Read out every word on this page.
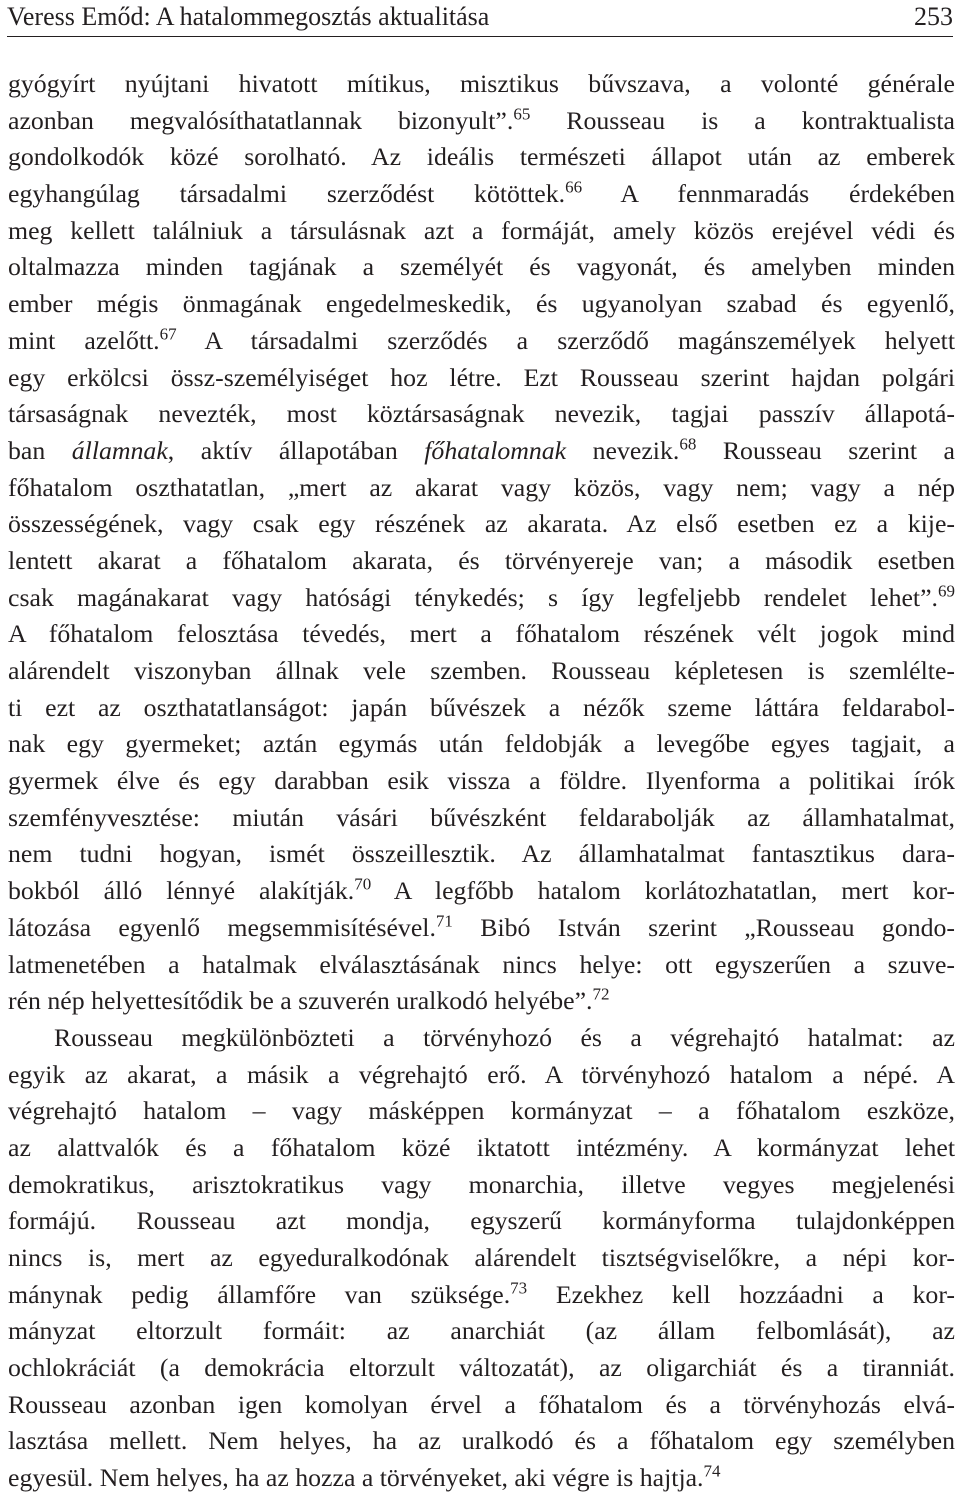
Veress Emőd: A hatalommegosztás aktualitása	253
gyógyírt nyújtani hivatott mítikus, misztikus bűvszava, a volonté générale
azonban megvalósíthatatlannak bizonyult”.$^{65}$ Rousseau is a kontraktualista
gondolkodók közé sorolható. Az ideális természeti állapot után az emberek
egyhangúlag társadalmi szerződést kötöttek.$^{66}$ A fennmaradás érdekében
meg kellett találniuk a társulásnak azt a formáját, amely közös erejével védi és
oltalmazza minden tagjának a személyét és vagyonát, és amelyben minden
ember mégis önmagának engedelmeskedik, és ugyanolyan szabad és egyenlő,
mint azelőtt.$^{67}$ A társadalmi szerződés a szerződő magánszemélyek helyett
egy erkölcsi össz-személyiséget hoz létre. Ezt Rousseau szerint hajdan polgári
társaságnak nevezték, most köztársaságnak nevezik, tagjai passzív állapotá-
ban államnak, aktív állapotában főhatalomnak nevezik.$^{68}$ Rousseau szerint a
főhatalom oszthatatlan, „mert az akarat vagy közös, vagy nem; vagy a nép
összességének, vagy csak egy részének az akarata. Az első esetben ez a kije-
lentett akarat a főhatalom akarata, és törvényereje van; a második esetben
csak magánakarat vagy hatósági ténykedés; s így legfeljebb rendelet lehet”.$^{69}$
A főhatalom felosztása tévedés, mert a főhatalom részének vélt jogok mind
alárendelt viszonyban állnak vele szemben. Rousseau képletesen is szemlélte-
ti ezt az oszthatatlanságot: japán bűvészek a nézők szeme láttára feldarabol-
nak egy gyermeket; aztán egymás után feldobják a levegőbe egyes tagjait, a
gyermek élve és egy darabban esik vissza a földre. Ilyenforma a politikai írók
szemfényvesztése: miután vásári bűvészként feldarabolják az államhatalmat,
nem tudni hogyan, ismét összeillesztik. Az államhatalmat fantasztikus dara-
bokból álló lénnyé alakítják.$^{70}$ A legfőbb hatalom korlátozhatatlan, mert kor-
látozása egyenlő megsemmisítésével.$^{71}$ Bibó István szerint „Rousseau gondo-
latmenetében a hatalmak elválasztásának nincs helye: ott egyszerűen a szuve-
rén nép helyettesítődik be a szuverén uralkodó helyébe”.$^{72}$
Rousseau megkülönbözteti a törvényhozó és a végrehajtó hatalmat: az
egyik az akarat, a másik a végrehajtó erő. A törvényhozó hatalom a népé. A
végrehajtó hatalom – vagy másképpen kormányzat – a főhatalom eszköze,
az alattvalók és a főhatalom közé iktatott intézmény. A kormányzat lehet
demokratikus, arisztokratikus vagy monarchia, illetve vegyes megjelenési
formájú. Rousseau azt mondja, egyszerű kormányforma tulajdonképpen
nincs is, mert az egyeduralkodónak alárendelt tisztségviselőkre, a népi kor-
mánynak pedig államfőre van szüksége.$^{73}$ Ezekhez kell hozzáadni a kor-
mányzat eltorzult formáit: az anarchiát (az állam felbomlását), az
ochlokráciát (a demokrácia eltorzult változatát), az oligarchiát és a tiranniát.
Rousseau azonban igen komolyan érvel a főhatalom és a törvényhozás elvá-
lasztása mellett. Nem helyes, ha az uralkodó és a főhatalom egy személyben
egyesül. Nem helyes, ha az hozza a törvényeket, aki végre is hajtja.$^{74}$
